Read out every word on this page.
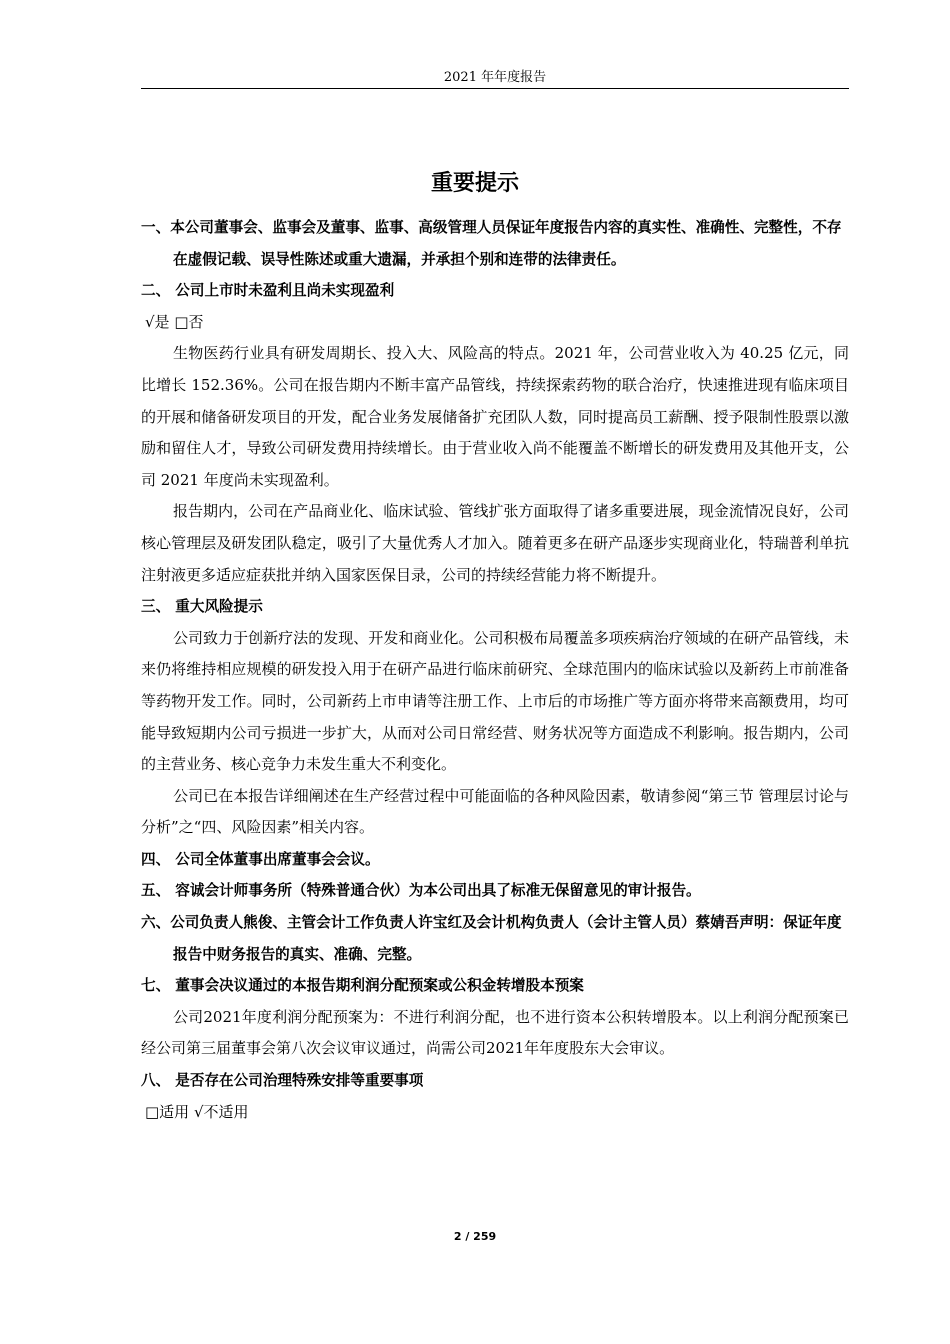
2021 年年度报告
重要提示

一、本公司董事会、监事会及董事、监事、高级管理人员保证年度报告内容的真实性、准确性、完整性，不存在虚假记载、误导性陈述或重大遗漏，并承担个别和连带的法律责任。

二、 公司上市时未盈利且尚未实现盈利

√是 □否

生物医药行业具有研发周期长、投入大、风险高的特点。2021 年，公司营业收入为 40.25 亿元，同比增长 152.36%。公司在报告期内不断丰富产品管线，持续探索药物的联合治疗，快速推进现有临床项目的开展和储备研发项目的开发，配合业务发展储备扩充团队人数，同时提高员工薪酬、授予限制性股票以激励和留住人才，导致公司研发费用持续增长。由于营业收入尚不能覆盖不断增长的研发费用及其他开支，公司 2021 年度尚未实现盈利。

报告期内，公司在产品商业化、临床试验、管线扩张方面取得了诸多重要进展，现金流情况良好，公司核心管理层及研发团队稳定，吸引了大量优秀人才加入。随着更多在研产品逐步实现商业化，特瑞普利单抗注射液更多适应症获批并纳入国家医保目录，公司的持续经营能力将不断提升。

三、 重大风险提示

公司致力于创新疗法的发现、开发和商业化。公司积极布局覆盖多项疾病治疗领域的在研产品管线，未来仍将维持相应规模的研发投入用于在研产品进行临床前研究、全球范围内的临床试验以及新药上市前准备等药物开发工作。同时，公司新药上市申请等注册工作、上市后的市场推广等方面亦将带来高额费用，均可能导致短期内公司亏损进一步扩大，从而对公司日常经营、财务状况等方面造成不利影响。报告期内，公司的主营业务、核心竞争力未发生重大不利变化。

公司已在本报告详细阐述在生产经营过程中可能面临的各种风险因素，敬请参阅“第三节 管理层讨论与分析”之“四、风险因素”相关内容。

四、 公司全体董事出席董事会会议。

五、 容诚会计师事务所（特殊普通合伙）为本公司出具了标准无保留意见的审计报告。

六、公司负责人熊俊、主管会计工作负责人许宝红及会计机构负责人（会计主管人员）蔡婧吾声明：保证年度报告中财务报告的真实、准确、完整。

七、 董事会决议通过的本报告期利润分配预案或公积金转增股本预案

公司2021年度利润分配预案为：不进行利润分配，也不进行资本公积转增股本。以上利润分配预案已经公司第三届董事会第八次会议审议通过，尚需公司2021年年度股东大会审议。

八、 是否存在公司治理特殊安排等重要事项

□适用 √不适用

2 / 259
